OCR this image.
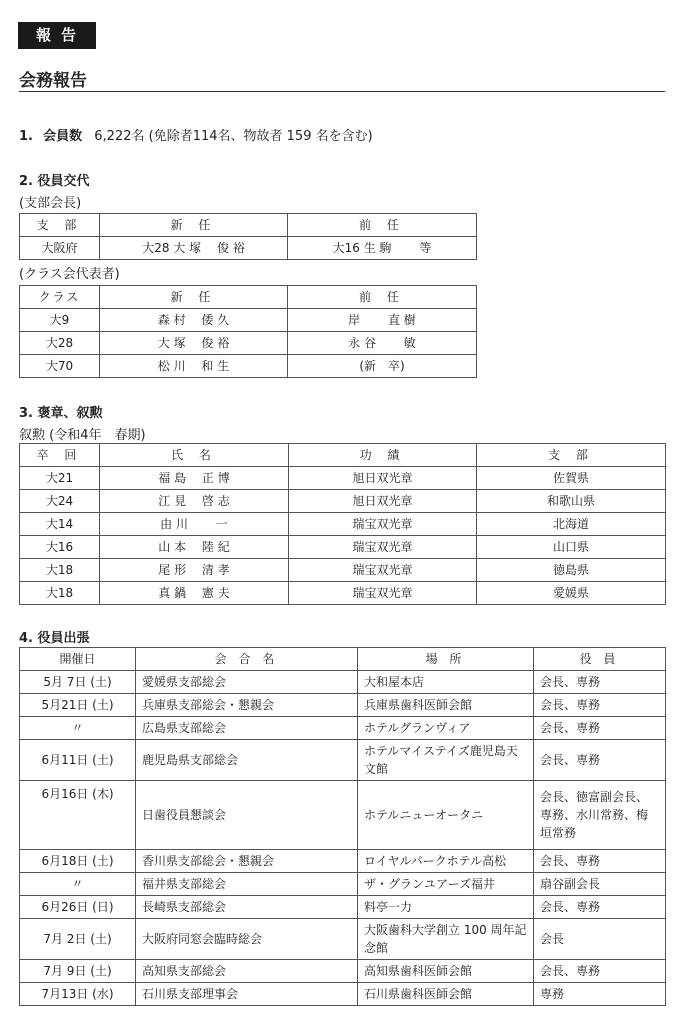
報告
会務報告
1. 会員数 6,222名 (免除者114名、物故者 159 名を含む)
2. 役員交代
(支部会長)
支 部	新 任	前 任
大阪府	大28 大 塚　 俊 裕	大16 生 駒　　 等
(クラス会代表者)
クラス	新 任	前 任
大9	森 村　 倭 久	岸　　 直 樹
大28	大 塚　 俊 裕	永 谷　　 敏
大70	松 川　 和 生	(新　卒)
3. 褒章、叙勲
叙勲 (令和4年　春期)
卒 回	氏 名	功 績	支 部
大21	福 島　 正 博	旭日双光章	佐賀県
大24	江 見　 啓 志	旭日双光章	和歌山県
大14	由 川　　 一	瑞宝双光章	北海道
大16	山 本　 陸 紀	瑞宝双光章	山口県
大18	尾 形　 清 孝	瑞宝双光章	徳島県
大18	真 鍋　 憲 夫	瑞宝双光章	愛媛県
4. 役員出張
開催日	会 合 名	場 所	役 員
5月 7日 (土)	愛媛県支部総会	大和屋本店	会長、専務
5月21日 (土)	兵庫県支部総会・懇親会	兵庫県歯科医師会館	会長、専務
〃	広島県支部総会	ホテルグランヴィア	会長、専務
6月11日 (土)	鹿児島県支部総会	ホテルマイステイズ鹿児島天文館	会長、専務
6月16日 (木)	日歯役員懇談会	ホテルニューオータニ	会長、徳富副会長、専務、水川常務、梅垣常務
6月18日 (土)	香川県支部総会・懇親会	ロイヤルパークホテル高松	会長、専務
〃	福井県支部総会	ザ・グランユアーズ福井	扇谷副会長
6月26日 (日)	長崎県支部総会	料亭一力	会長、専務
7月 2日 (土)	大阪府同窓会臨時総会	大阪歯科大学創立 100 周年記念館	会長
7月 9日 (土)	高知県支部総会	高知県歯科医師会館	会長、専務
7月13日 (水)	石川県支部理事会	石川県歯科医師会館	専務
